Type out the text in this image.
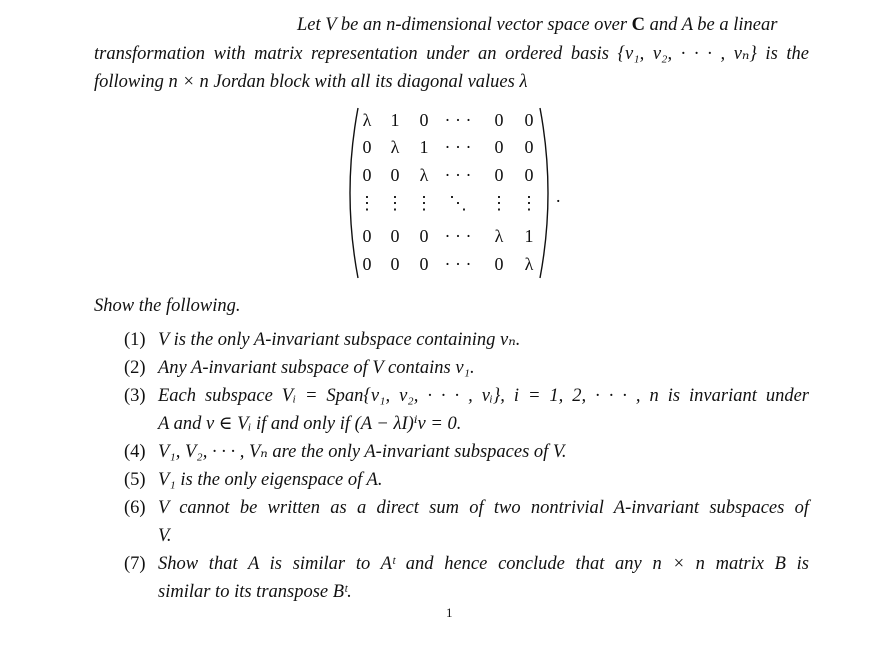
Let V be an n-dimensional vector space over C and A be a linear
transformation with matrix representation under an ordered basis {v₁, v₂, · · · , vₙ} is the
following n × n Jordan block with all its diagonal values λ
λ	1	0 · · ·	0	0
0	λ	1 · · ·	0	0
0	0	λ · · ·	0	0
⋮ ⋮ ⋮ ⋱	⋮ ⋮
0	0	0 · · ·	λ	1
0	0	0 · · ·	0	λ
.
Show the following.
(1) V is the only A-invariant subspace containing vₙ.
(2) Any A-invariant subspace of V contains v₁.
(3) Each subspace Vᵢ = Span{v₁, v₂, · · · , vᵢ}, i = 1, 2, · · · , n is invariant under
A and v ∈ Vᵢ if and only if (A − λI)ⁱv = 0.
(4) V₁, V₂, · · · , Vₙ are the only A-invariant subspaces of V.
(5) V₁ is the only eigenspace of A.
(6) V cannot be written as a direct sum of two nontrivial A-invariant subspaces of
V.
(7) Show that A is similar to Aᵗ and hence conclude that any n × n matrix B is
similar to its transpose Bᵗ.
1
